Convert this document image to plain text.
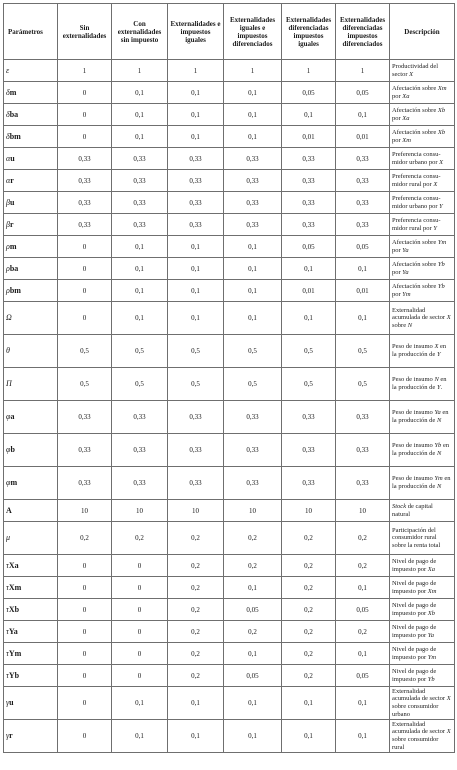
Parámetros	Sin externalidades	Con externalidades sin impuesto	Externalidades e impuestos iguales	Externalidades iguales e impuestos diferenciados	Externalidades diferenciadas impuestos iguales	Externalidades diferenciadas impuestos diferenciados	Descripción
ε	1	1	1	1	1	1	Productividad del sector X
δm	0	0,1	0,1	0,1	0,05	0,05	Afectación sobre Xm por Xa
δba	0	0,1	0,1	0,1	0,1	0,1	Afectación sobre Xb por Xa
δbm	0	0,1	0,1	0,1	0,01	0,01	Afectación sobre Xb por Xm
αu	0,33	0,33	0,33	0,33	0,33	0,33	Preferencia consu-midor urbano por X
αr	0,33	0,33	0,33	0,33	0,33	0,33	Preferencia consu-midor rural por X
βu	0,33	0,33	0,33	0,33	0,33	0,33	Preferencia consu-midor urbano por Y
βr	0,33	0,33	0,33	0,33	0,33	0,33	Preferencia consu-midor rural por Y
ρm	0	0,1	0,1	0,1	0,05	0,05	Afectación sobre Ym por Ya
ρba	0	0,1	0,1	0,1	0,1	0,1	Afectación sobre Yb por Ya
ρbm	0	0,1	0,1	0,1	0,01	0,01	Afectación sobre Yb por Ym
Ω	0	0,1	0,1	0,1	0,1	0,1	Externalidad acumulada de sector X sobre N
θ	0,5	0,5	0,5	0,5	0,5	0,5	Peso de insumo X en la producción de Y
Π	0,5	0,5	0,5	0,5	0,5	0,5	Peso de insumo N en la producción de Y.
φa	0,33	0,33	0,33	0,33	0,33	0,33	Peso de insumo Ya en la producción de N
φb	0,33	0,33	0,33	0,33	0,33	0,33	Peso de insumo Yb en la producción de N
φm	0,33	0,33	0,33	0,33	0,33	0,33	Peso de insumo Ym en la producción de N
A	10	10	10	10	10	10	Stock de capital natural
μ	0,2	0,2	0,2	0,2	0,2	0,2	Participación del consumidor rural sobre la renta total
τXa	0	0	0,2	0,2	0,2	0,2	Nivel de pago de impuesto por Xa
τXm	0	0	0,2	0,1	0,2	0,1	Nivel de pago de impuesto por Xm
τXb	0	0	0,2	0,05	0,2	0,05	Nivel de pago de impuesto por Xb
τYa	0	0	0,2	0,2	0,2	0,2	Nivel de pago de impuesto por Ya
τYm	0	0	0,2	0,1	0,2	0,1	Nivel de pago de impuesto por Ym
τYb	0	0	0,2	0,05	0,2	0,05	Nivel de pago de impuesto por Yb
γu	0	0,1	0,1	0,1	0,1	0,1	Externalidad acumulada de sector X sobre consumidor urbano
γr	0	0,1	0,1	0,1	0,1	0,1	Externalidad acumulada de sector X sobre consumidor rural
